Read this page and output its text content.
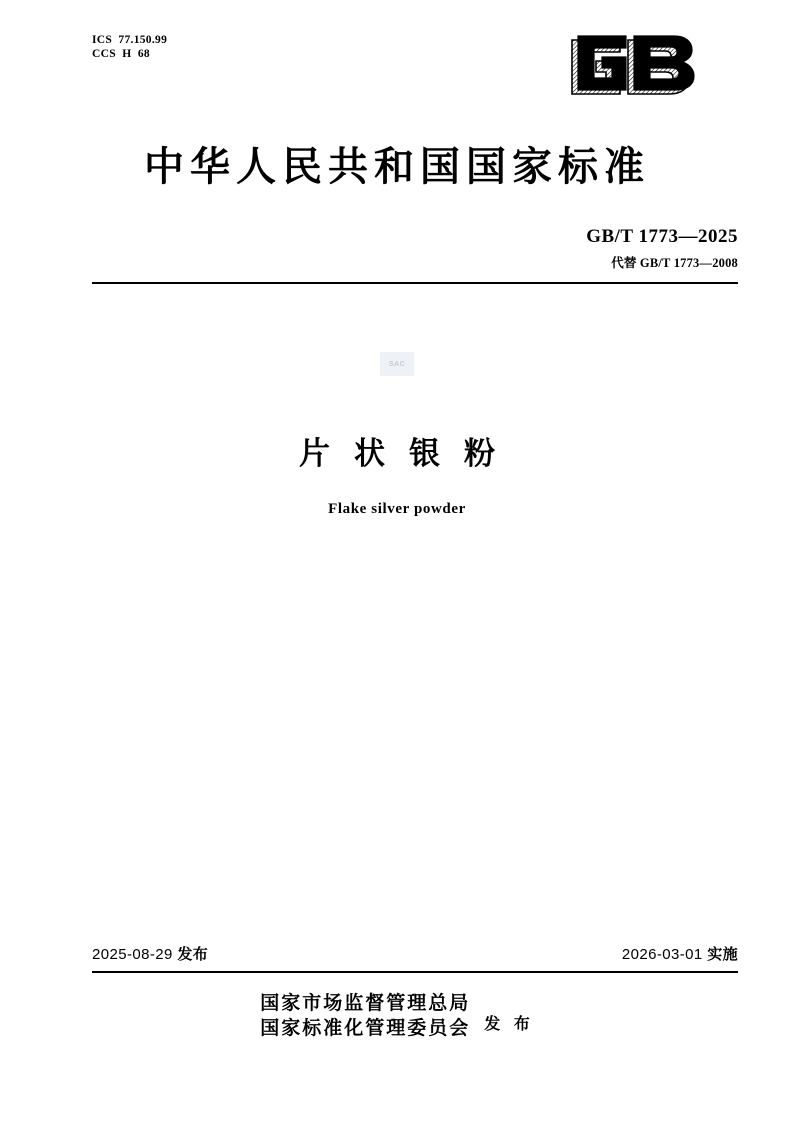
ICS  77.150.99
CCS  H  68
中华人民共和国国家标准
GB/T 1773—2025
代替 GB/T 1773—2008
SAC
片状银粉
Flake silver powder
2025-08-29 发布	2026-03-01 实施
国家市场监督管理总局
国家标准化管理委员会 发 布
